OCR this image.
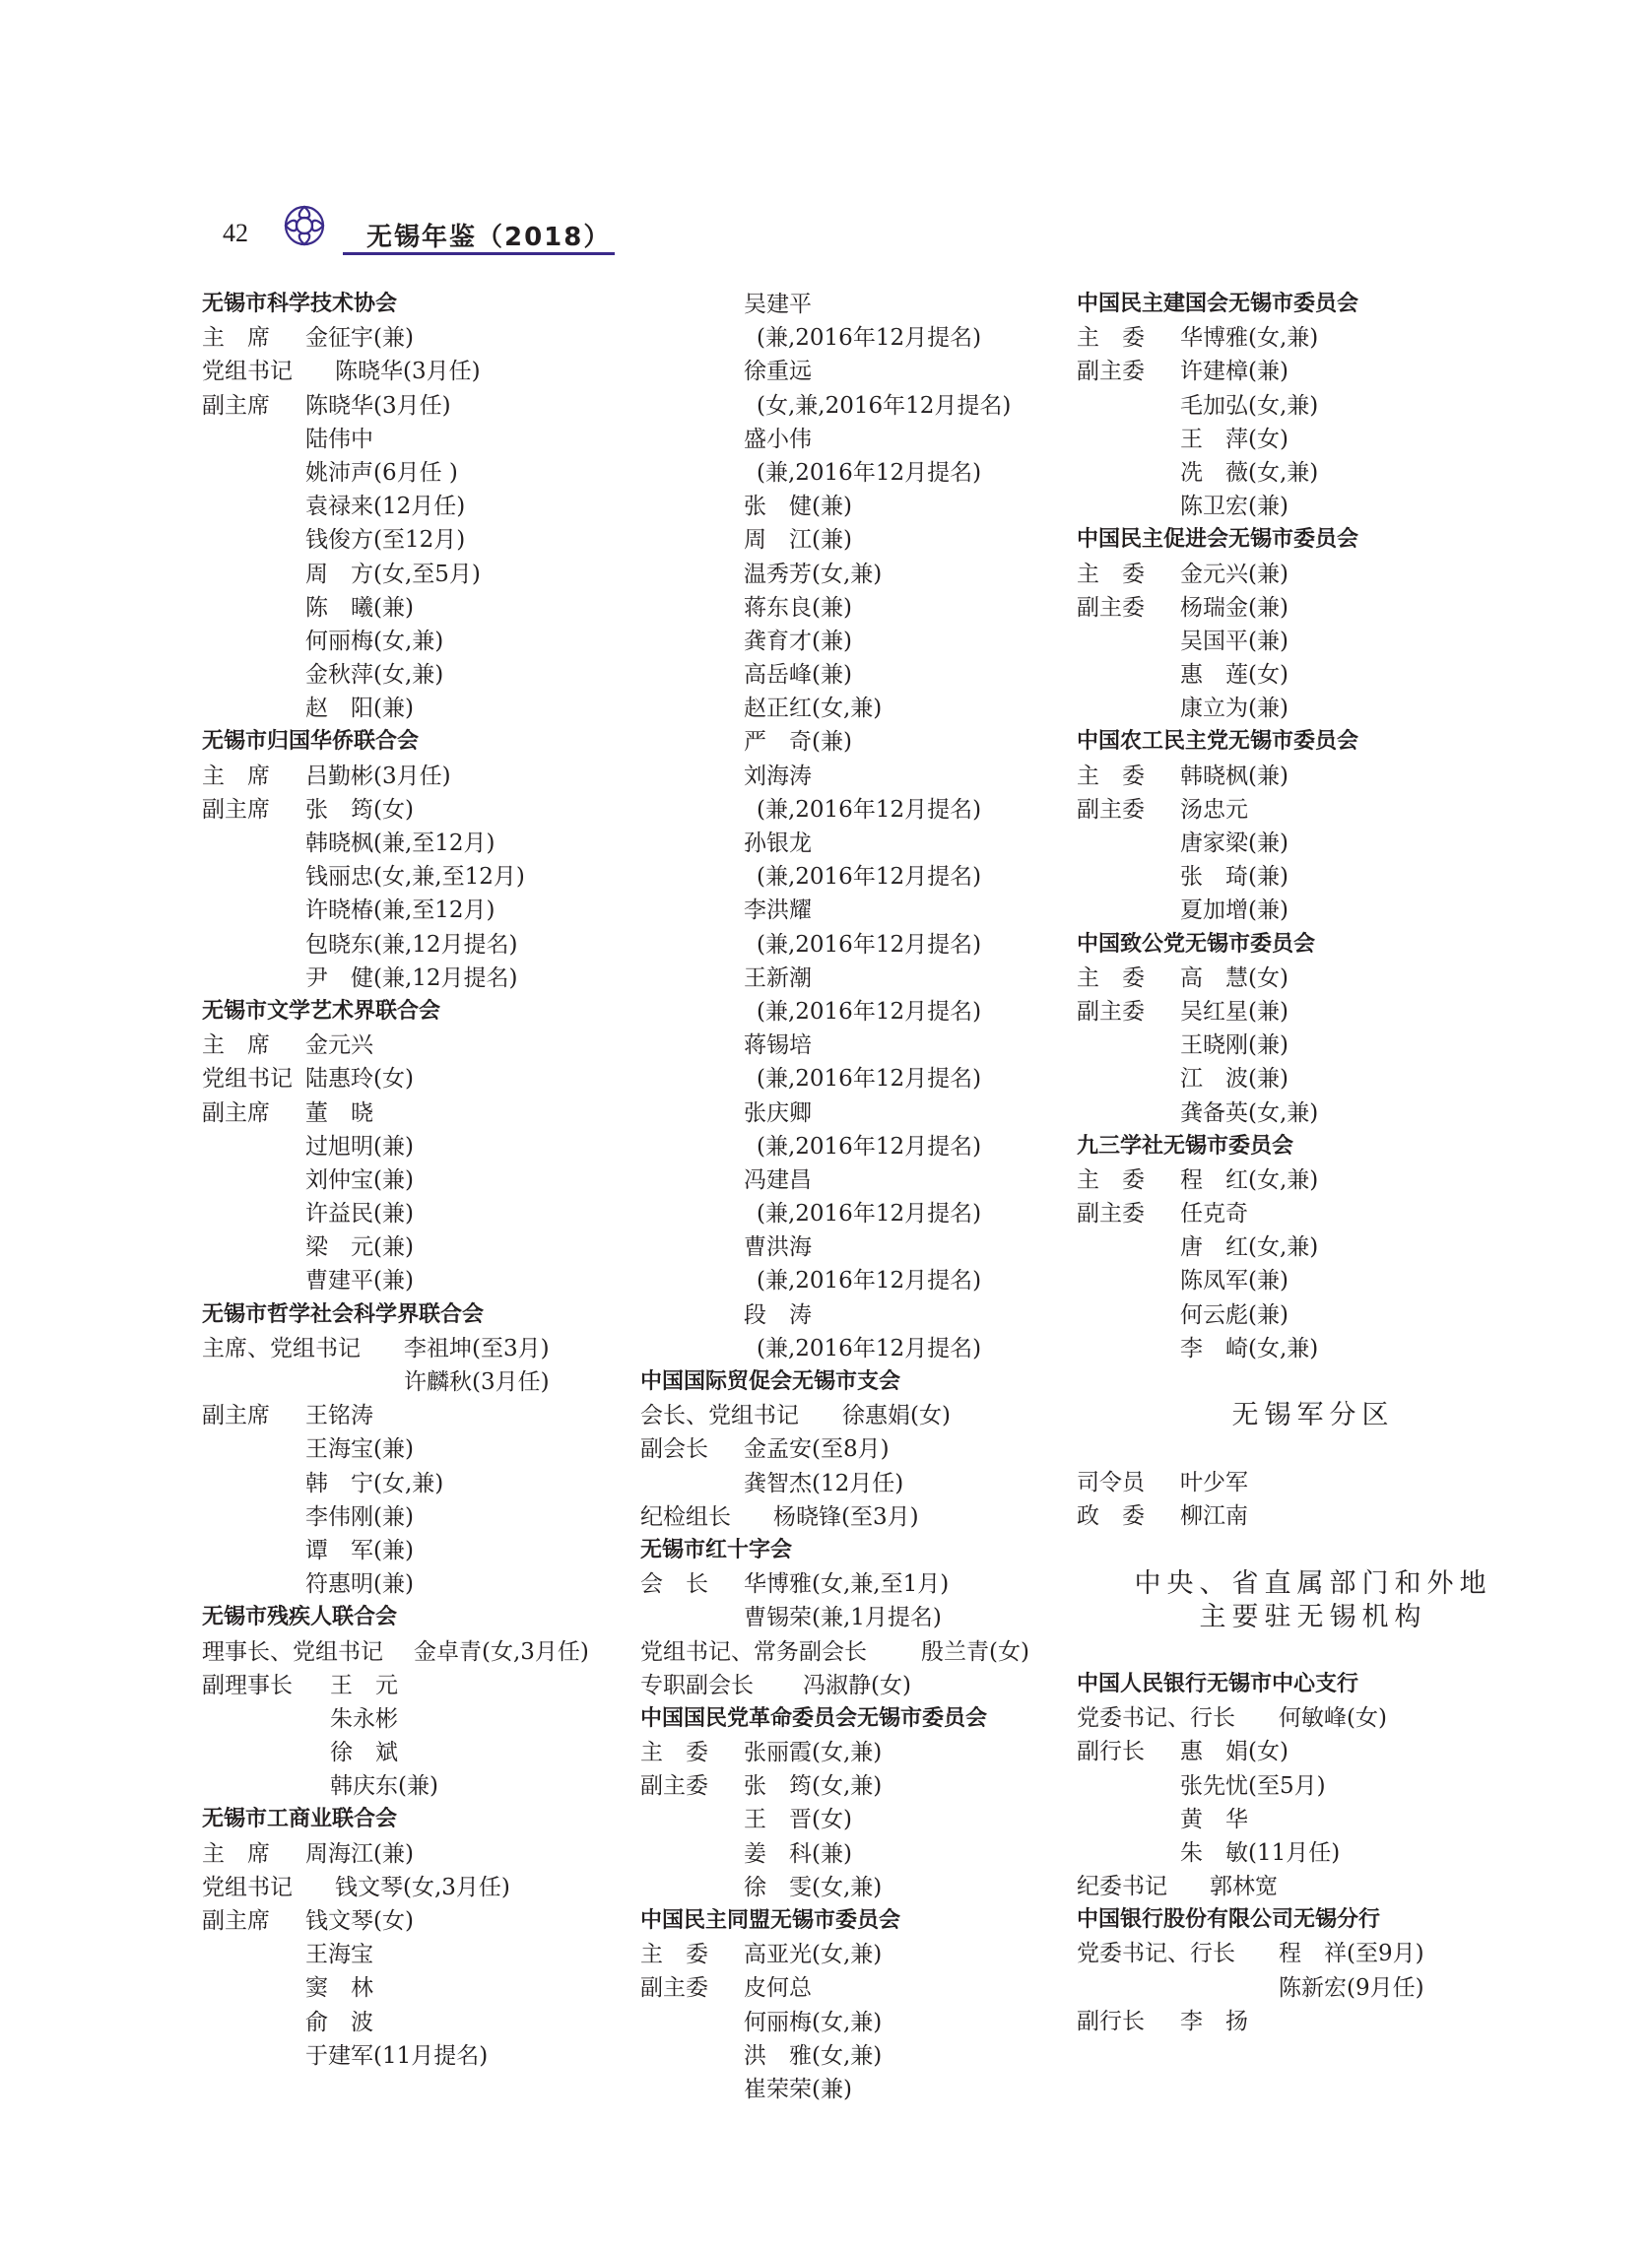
42	无锡年鉴（2018）
无锡市科学技术协会
主　席 金征宇(兼)
党组书记 陈晓华(3月任)
副主席 陈晓华(3月任)
陆伟中
姚沛声(6月任 )
袁禄来(12月任)
钱俊方(至12月)
周　方(女,至5月)
陈　曦(兼)
何丽梅(女,兼)
金秋萍(女,兼)
赵　阳(兼)
无锡市归国华侨联合会
主　席 吕勤彬(3月任)
副主席 张　筠(女)
韩晓枫(兼,至12月)
钱丽忠(女,兼,至12月)
许晓椿(兼,至12月)
包晓东(兼,12月提名)
尹　健(兼,12月提名)
无锡市文学艺术界联合会
主　席 金元兴
党组书记 陆惠玲(女)
副主席 董　晓
过旭明(兼)
刘仲宝(兼)
许益民(兼)
梁　元(兼)
曹建平(兼)
无锡市哲学社会科学界联合会
主席、党组书记 李祖坤(至3月)
许麟秋(3月任)
副主席 王铭涛
王海宝(兼)
韩　宁(女,兼)
李伟刚(兼)
谭　军(兼)
符惠明(兼)
无锡市残疾人联合会
理事长、党组书记 金卓青(女,3月任)
副理事长 王　元
朱永彬
徐　斌
韩庆东(兼)
无锡市工商业联合会
主　席 周海江(兼)
党组书记 钱文琴(女,3月任)
副主席 钱文琴(女)
王海宝
窦　林
俞　波
于建军(11月提名)
吴建平
(兼,2016年12月提名)
徐重远
(女,兼,2016年12月提名)
盛小伟
(兼,2016年12月提名)
张　健(兼)
周　江(兼)
温秀芳(女,兼)
蒋东良(兼)
龚育才(兼)
高岳峰(兼)
赵正红(女,兼)
严　奇(兼)
刘海涛
(兼,2016年12月提名)
孙银龙
(兼,2016年12月提名)
李洪耀
(兼,2016年12月提名)
王新潮
(兼,2016年12月提名)
蒋锡培
(兼,2016年12月提名)
张庆卿
(兼,2016年12月提名)
冯建昌
(兼,2016年12月提名)
曹洪海
(兼,2016年12月提名)
段　涛
(兼,2016年12月提名)
中国国际贸促会无锡市支会
会长、党组书记 徐惠娟(女)
副会长 金孟安(至8月)
龚智杰(12月任)
纪检组长 杨晓锋(至3月)
无锡市红十字会
会　长 华博雅(女,兼,至1月)
曹锡荣(兼,1月提名)
党组书记、常务副会长 殷兰青(女)
专职副会长 冯淑静(女)
中国国民党革命委员会无锡市委员会
主　委 张丽霞(女,兼)
副主委 张　筠(女,兼)
王　晋(女)
姜　科(兼)
徐　雯(女,兼)
中国民主同盟无锡市委员会
主　委 高亚光(女,兼)
副主委 皮何总
何丽梅(女,兼)
洪　雅(女,兼)
崔荣荣(兼)
中国民主建国会无锡市委员会
主　委 华博雅(女,兼)
副主委 许建樟(兼)
毛加弘(女,兼)
王　萍(女)
冼　薇(女,兼)
陈卫宏(兼)
中国民主促进会无锡市委员会
主　委 金元兴(兼)
副主委 杨瑞金(兼)
吴国平(兼)
惠　莲(女)
康立为(兼)
中国农工民主党无锡市委员会
主　委 韩晓枫(兼)
副主委 汤忠元
唐家梁(兼)
张　琦(兼)
夏加增(兼)
中国致公党无锡市委员会
主　委 高　慧(女)
副主委 吴红星(兼)
王晓刚(兼)
江　波(兼)
龚备英(女,兼)
九三学社无锡市委员会
主　委 程　红(女,兼)
副主委 任克奇
唐　红(女,兼)
陈凤军(兼)
何云彪(兼)
李　崎(女,兼)
无锡军分区
司令员 叶少军
政　委 柳江南
中央、省直属部门和外地
主要驻无锡机构
中国人民银行无锡市中心支行
党委书记、行长 何敏峰(女)
副行长 惠　娟(女)
张先忧(至5月)
黄　华
朱　敏(11月任)
纪委书记 郭林宽
中国银行股份有限公司无锡分行
党委书记、行长 程　祥(至9月)
陈新宏(9月任)
副行长 李　扬
